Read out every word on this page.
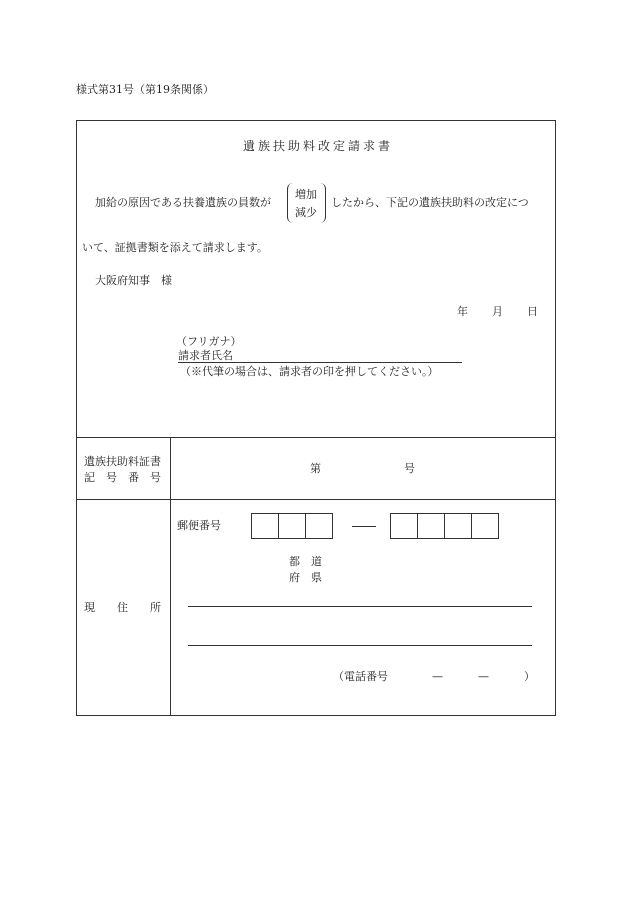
様式第31号（第19条関係）
遺族扶助料改定請求書
加給の原因である扶養遺族の員数が
増加
減少
したから、下記の遺族扶助料の改定につ
いて、証拠書類を添えて請求します。
大阪府知事　様
年 月 日
（フリガナ）
請求者氏名
（※代筆の場合は、請求者の印を押してください。）
遺族扶助料証書
記　号　番　号
第	号
現　　住　　所
郵便番号
都　道
府　県
（電話番号	—	—	）
